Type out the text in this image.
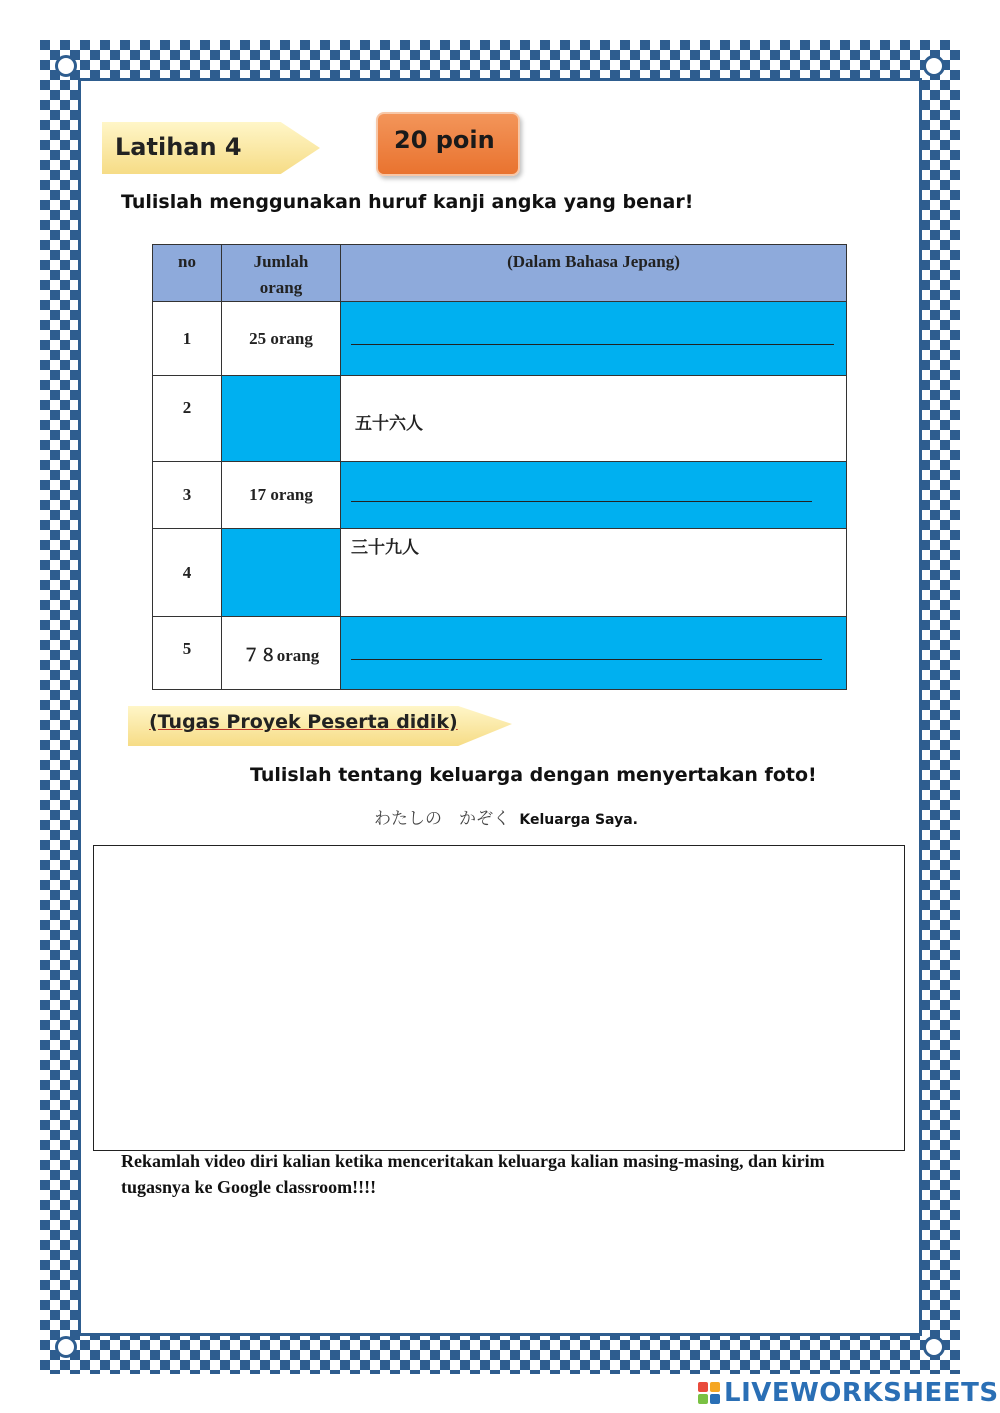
Latihan 4	20 poin
Tulislah menggunakan huruf kanji angka yang benar!
no	Jumlah orang	(Dalam Bahasa Jepang)
1	25 orang	

2		五十六人
3	17 orang	

4		三十九人
5	７８orang	
(Tugas Proyek Peserta didik)
Tulislah tentang keluarga dengan menyertakan foto!
わたしの　かぞく Keluarga Saya.
Rekamlah video diri kalian ketika menceritakan keluarga kalian masing-masing, dan kirim tugasnya ke Google classroom!!!!
LIVEWORKSHEETS
